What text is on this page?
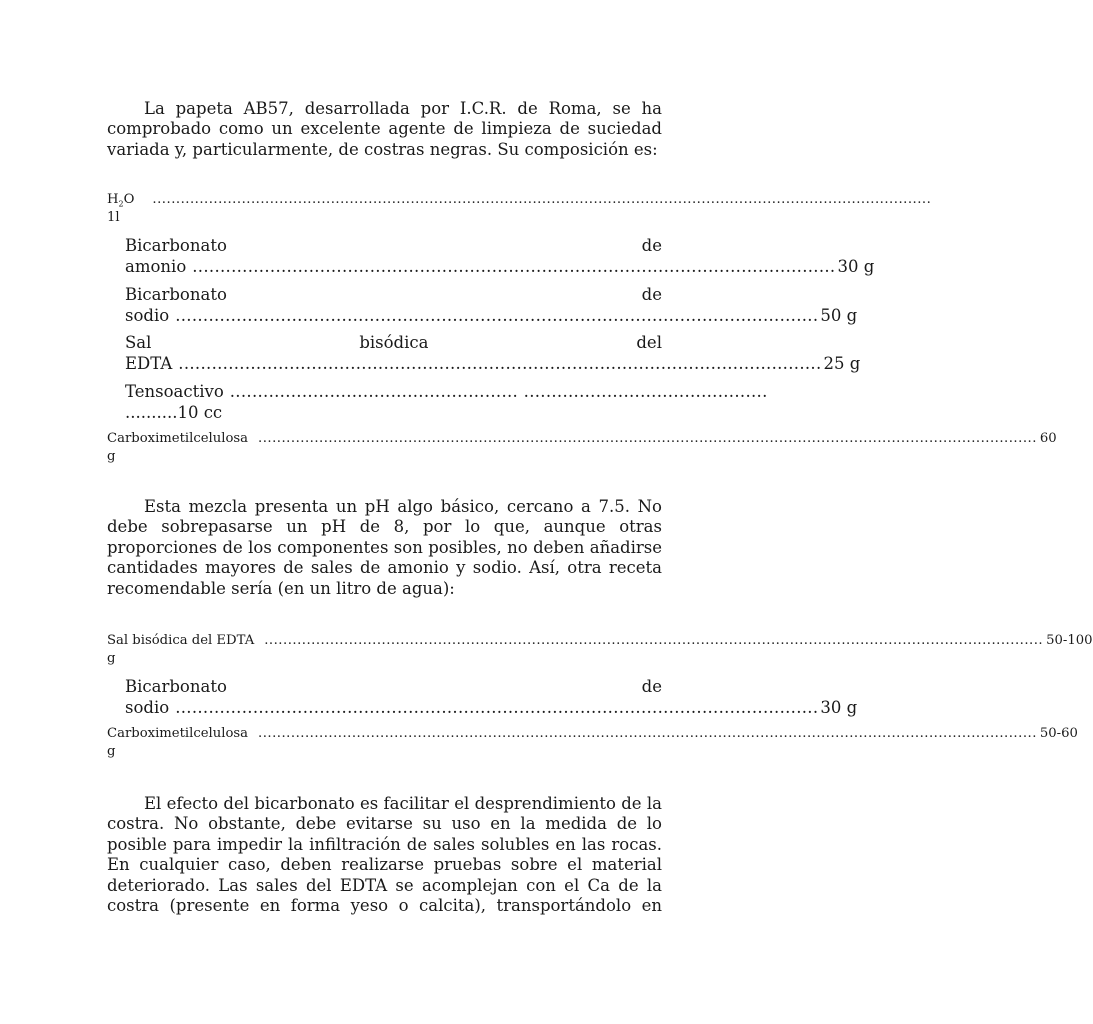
La papeta AB57, desarrollada por I.C.R. de Roma, se ha
comprobado como un excelente agente de limpieza de suciedad
variada y, particularmente, de costras negras. Su composición es:
$H_2O$ ......................................................................................................................................................................
1l
Bicarbonato	de
amonio .................................................................................................................... 30 g
Bicarbonato	de
sodio .................................................................................................................... 50 g
Sal	bisódica	del
EDTA .................................................................................................................... 25 g
Tensoactivo .................................................... ............................................
.......... 10 cc
Carboximetilcelulosa ...................................................................................................................................................................... 60
g
Esta mezcla presenta un pH algo básico, cercano a 7.5. No
debe sobrepasarse un pH de 8, por lo que, aunque otras
proporciones de los componentes son posibles, no deben añadirse
cantidades mayores de sales de amonio y sodio. Así, otra receta
recomendable sería (en un litro de agua):
Sal bisódica del EDTA ...................................................................................................................................................................... 50-100
g
Bicarbonato	de
sodio .................................................................................................................... 30 g
Carboximetilcelulosa ...................................................................................................................................................................... 50-60
g
El efecto del bicarbonato es facilitar el desprendimiento de la
costra. No obstante, debe evitarse su uso en la medida de lo
posible para impedir la infiltración de sales solubles en las rocas.
En cualquier caso, deben realizarse pruebas sobre el material
deteriorado. Las sales del EDTA se acomplejan con el Ca de la
costra (presente en forma yeso o calcita), transportándolo en
